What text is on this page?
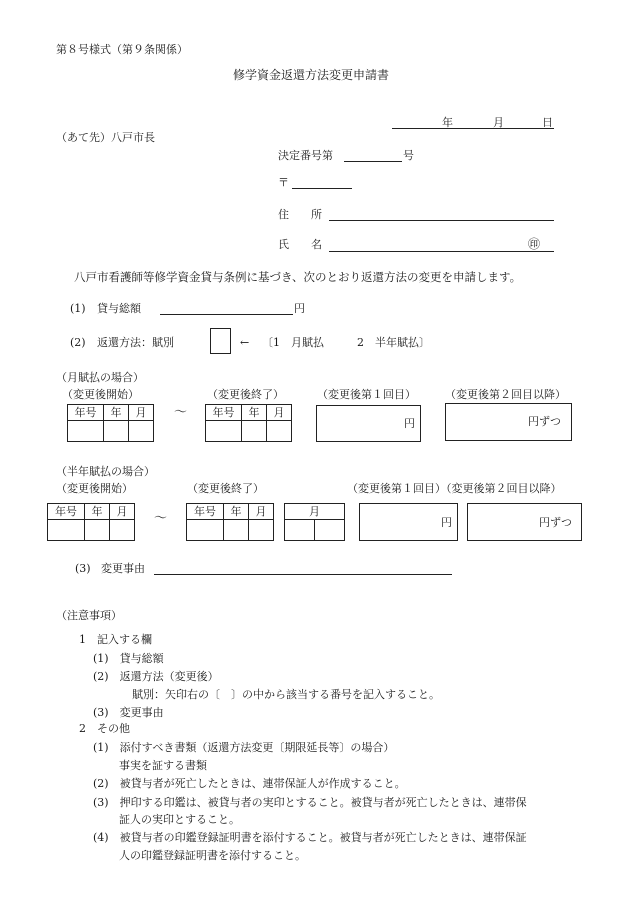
第８号様式（第９条関係）
修学資金返還方法変更申請書
年	月	日
（あて先）八戸市長
決定番号第	号
〒
住　　所
氏　　名	㊞
八戸市看護師等修学資金貸与条例に基づき、次のとおり返還方法の変更を申請します。
(1) 貸与総額	円
(2) 返還方法：賦別	← 〔1　月賦払　　　2　半年賦払〕
（月賦払の場合）
（変更後開始）	（変更後終了）	（変更後第１回目）	（変更後第２回目以降）
年号	年	月	～	年号	年	月
円	円ずつ
（半年賦払の場合）
（変更後開始）	（変更後終了）	（変更後第１回目）（変更後第２回目以降）
年号	年	月	～	年号	年	月	月
円	円ずつ
(3) 変更事由
（注意事項）
1　記入する欄
(1)　貸与総額
(2)　返還方法（変更後）
賦別：矢印右の〔　〕の中から該当する番号を記入すること。
(3)　変更事由
2　その他
(1)　添付すべき書類（返還方法変更〔期限延長等〕の場合）
事実を証する書類
(2)　被貸与者が死亡したときは、連帯保証人が作成すること。
(3)　押印する印鑑は、被貸与者の実印とすること。被貸与者が死亡したときは、連帯保
証人の実印とすること。
(4)　被貸与者の印鑑登録証明書を添付すること。被貸与者が死亡したときは、連帯保証
人の印鑑登録証明書を添付すること。
